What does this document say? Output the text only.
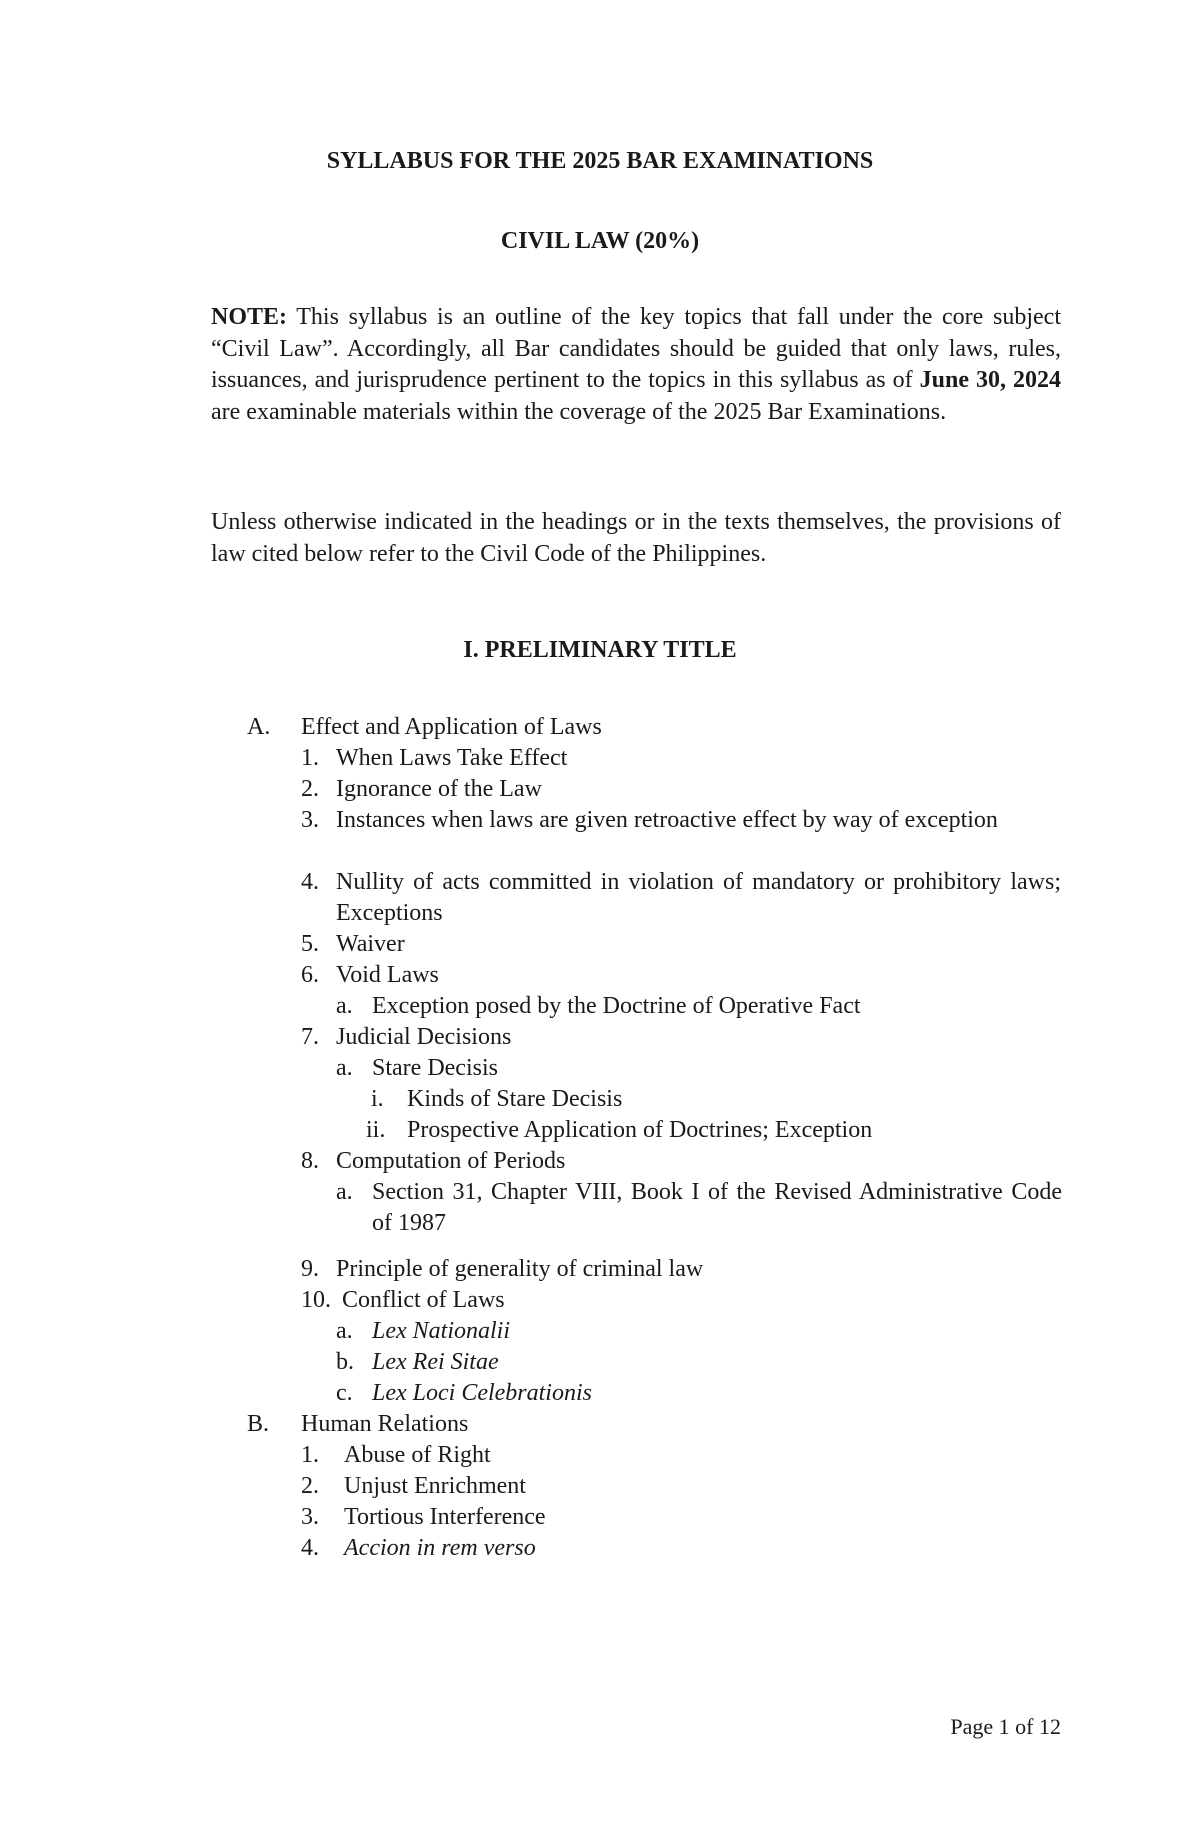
SYLLABUS FOR THE 2025 BAR EXAMINATIONS
CIVIL LAW (20%)

NOTE: This syllabus is an outline of the key topics that fall under the core subject “Civil Law”. Accordingly, all Bar candidates should be guided that only laws, rules, issuances, and jurisprudence pertinent to the topics in this syllabus as of June 30, 2024 are examinable materials within the coverage of the 2025 Bar Examinations.

Unless otherwise indicated in the headings or in the texts themselves, the provisions of law cited below refer to the Civil Code of the Philippines.

I. PRELIMINARY TITLE
A. Effect and Application of Laws
1. When Laws Take Effect
2. Ignorance of the Law
3. Instances when laws are given retroactive effect by way of exception
4. Nullity of acts committed in violation of mandatory or prohibitory laws; Exceptions
5. Waiver
6. Void Laws
a. Exception posed by the Doctrine of Operative Fact
7. Judicial Decisions
a. Stare Decisis
i. Kinds of Stare Decisis
ii. Prospective Application of Doctrines; Exception
8. Computation of Periods
a. Section 31, Chapter VIII, Book I of the Revised Administrative Code of 1987
9. Principle of generality of criminal law
10. Conflict of Laws
a. Lex Nationalii
b. Lex Rei Sitae
c. Lex Loci Celebrationis
B. Human Relations
1. Abuse of Right
2. Unjust Enrichment
3. Tortious Interference
4. Accion in rem verso
Page 1 of 12
